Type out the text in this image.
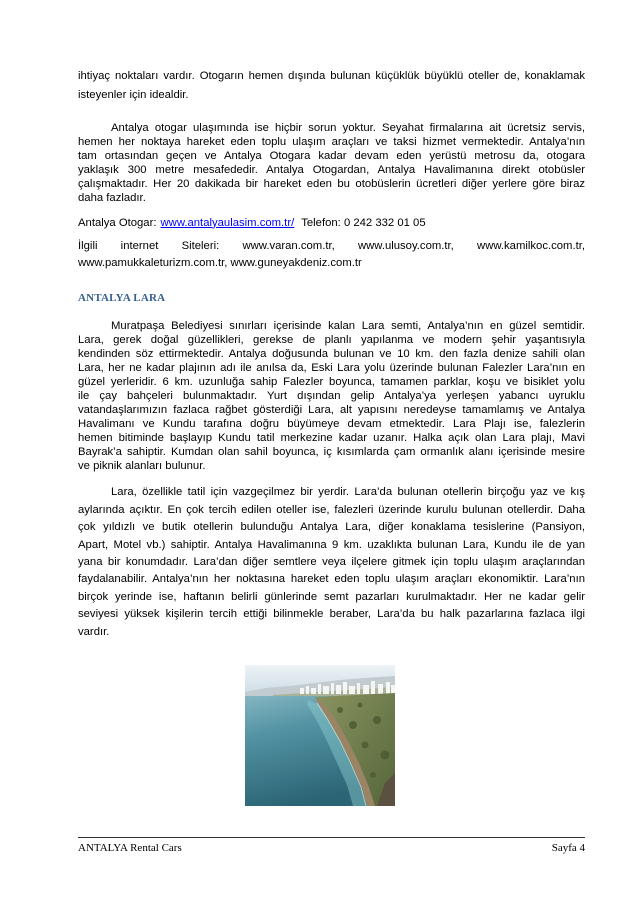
ihtiyaç noktaları vardır. Otogarın hemen dışında bulunan küçüklük büyüklü oteller de, konaklamak
isteyenler için idealdir.
Antalya otogar ulaşımında ise hiçbir sorun yoktur. Seyahat firmalarına ait ücretsiz servis,
hemen her noktaya hareket eden toplu ulaşım araçları ve taksi hizmet vermektedir. Antalya’nın
tam ortasından geçen ve Antalya Otogara kadar devam eden yerüstü metrosu da, otogara
yaklaşık 300 metre mesafededir. Antalya Otogardan, Antalya Havalimanına direkt otobüsler
çalışmaktadır. Her 20 dakikada bir hareket eden bu otobüslerin ücretleri diğer yerlere göre biraz
daha fazladır.
Antalya Otogar: www.antalyaulasim.com.tr/ Telefon: 0 242 332 01 05
İlgili internet Siteleri: www.varan.com.tr, www.ulusoy.com.tr, www.kamilkoc.com.tr,
www.pamukkaleturizm.com.tr, www.guneyakdeniz.com.tr
ANTALYA LARA
Muratpaşa Belediyesi sınırları içerisinde kalan Lara semti, Antalya’nın en güzel semtidir.
Lara, gerek doğal güzellikleri, gerekse de planlı yapılanma ve modern şehir yaşantısıyla
kendinden söz ettirmektedir. Antalya doğusunda bulunan ve 10 km. den fazla denize sahili olan
Lara, her ne kadar plajının adı ile anılsa da, Eski Lara yolu üzerinde bulunan Falezler Lara’nın en
güzel yerleridir. 6 km. uzunluğa sahip Falezler boyunca, tamamen parklar, koşu ve bisiklet yolu
ile çay bahçeleri bulunmaktadır. Yurt dışından gelip Antalya’ya yerleşen yabancı uyruklu
vatandaşlarımızın fazlaca rağbet gösterdiği Lara, alt yapısını neredeyse tamamlamış ve Antalya
Havalimanı ve Kundu tarafına doğru büyümeye devam etmektedir. Lara Plajı ise, falezlerin
hemen bitiminde başlayıp Kundu tatil merkezine kadar uzanır. Halka açık olan Lara plajı, Mavi
Bayrak’a sahiptir. Kumdan olan sahil boyunca, iç kısımlarda çam ormanlık alanı içerisinde mesire
ve piknik alanları bulunur.
Lara, özellikle tatil için vazgeçilmez bir yerdir. Lara’da bulunan otellerin birçoğu yaz ve kış
aylarında açıktır. En çok tercih edilen oteller ise, falezleri üzerinde kurulu bulunan otellerdir. Daha
çok yıldızlı ve butik otellerin bulunduğu Antalya Lara, diğer konaklama tesislerine (Pansiyon,
Apart, Motel vb.) sahiptir. Antalya Havalimanına 9 km. uzaklıkta bulunan Lara, Kundu ile de yan
yana bir konumdadır. Lara’dan diğer semtlere veya ilçelere gitmek için toplu ulaşım araçlarından
faydalanabilir. Antalya’nın her noktasına hareket eden toplu ulaşım araçları ekonomiktir. Lara’nın
birçok yerinde ise, haftanın belirli günlerinde semt pazarları kurulmaktadır. Her ne kadar gelir
seviyesi yüksek kişilerin tercih ettiği bilinmekle beraber, Lara’da bu halk pazarlarına fazlaca ilgi
vardır.
ANTALYA Rental Cars	Sayfa 4
